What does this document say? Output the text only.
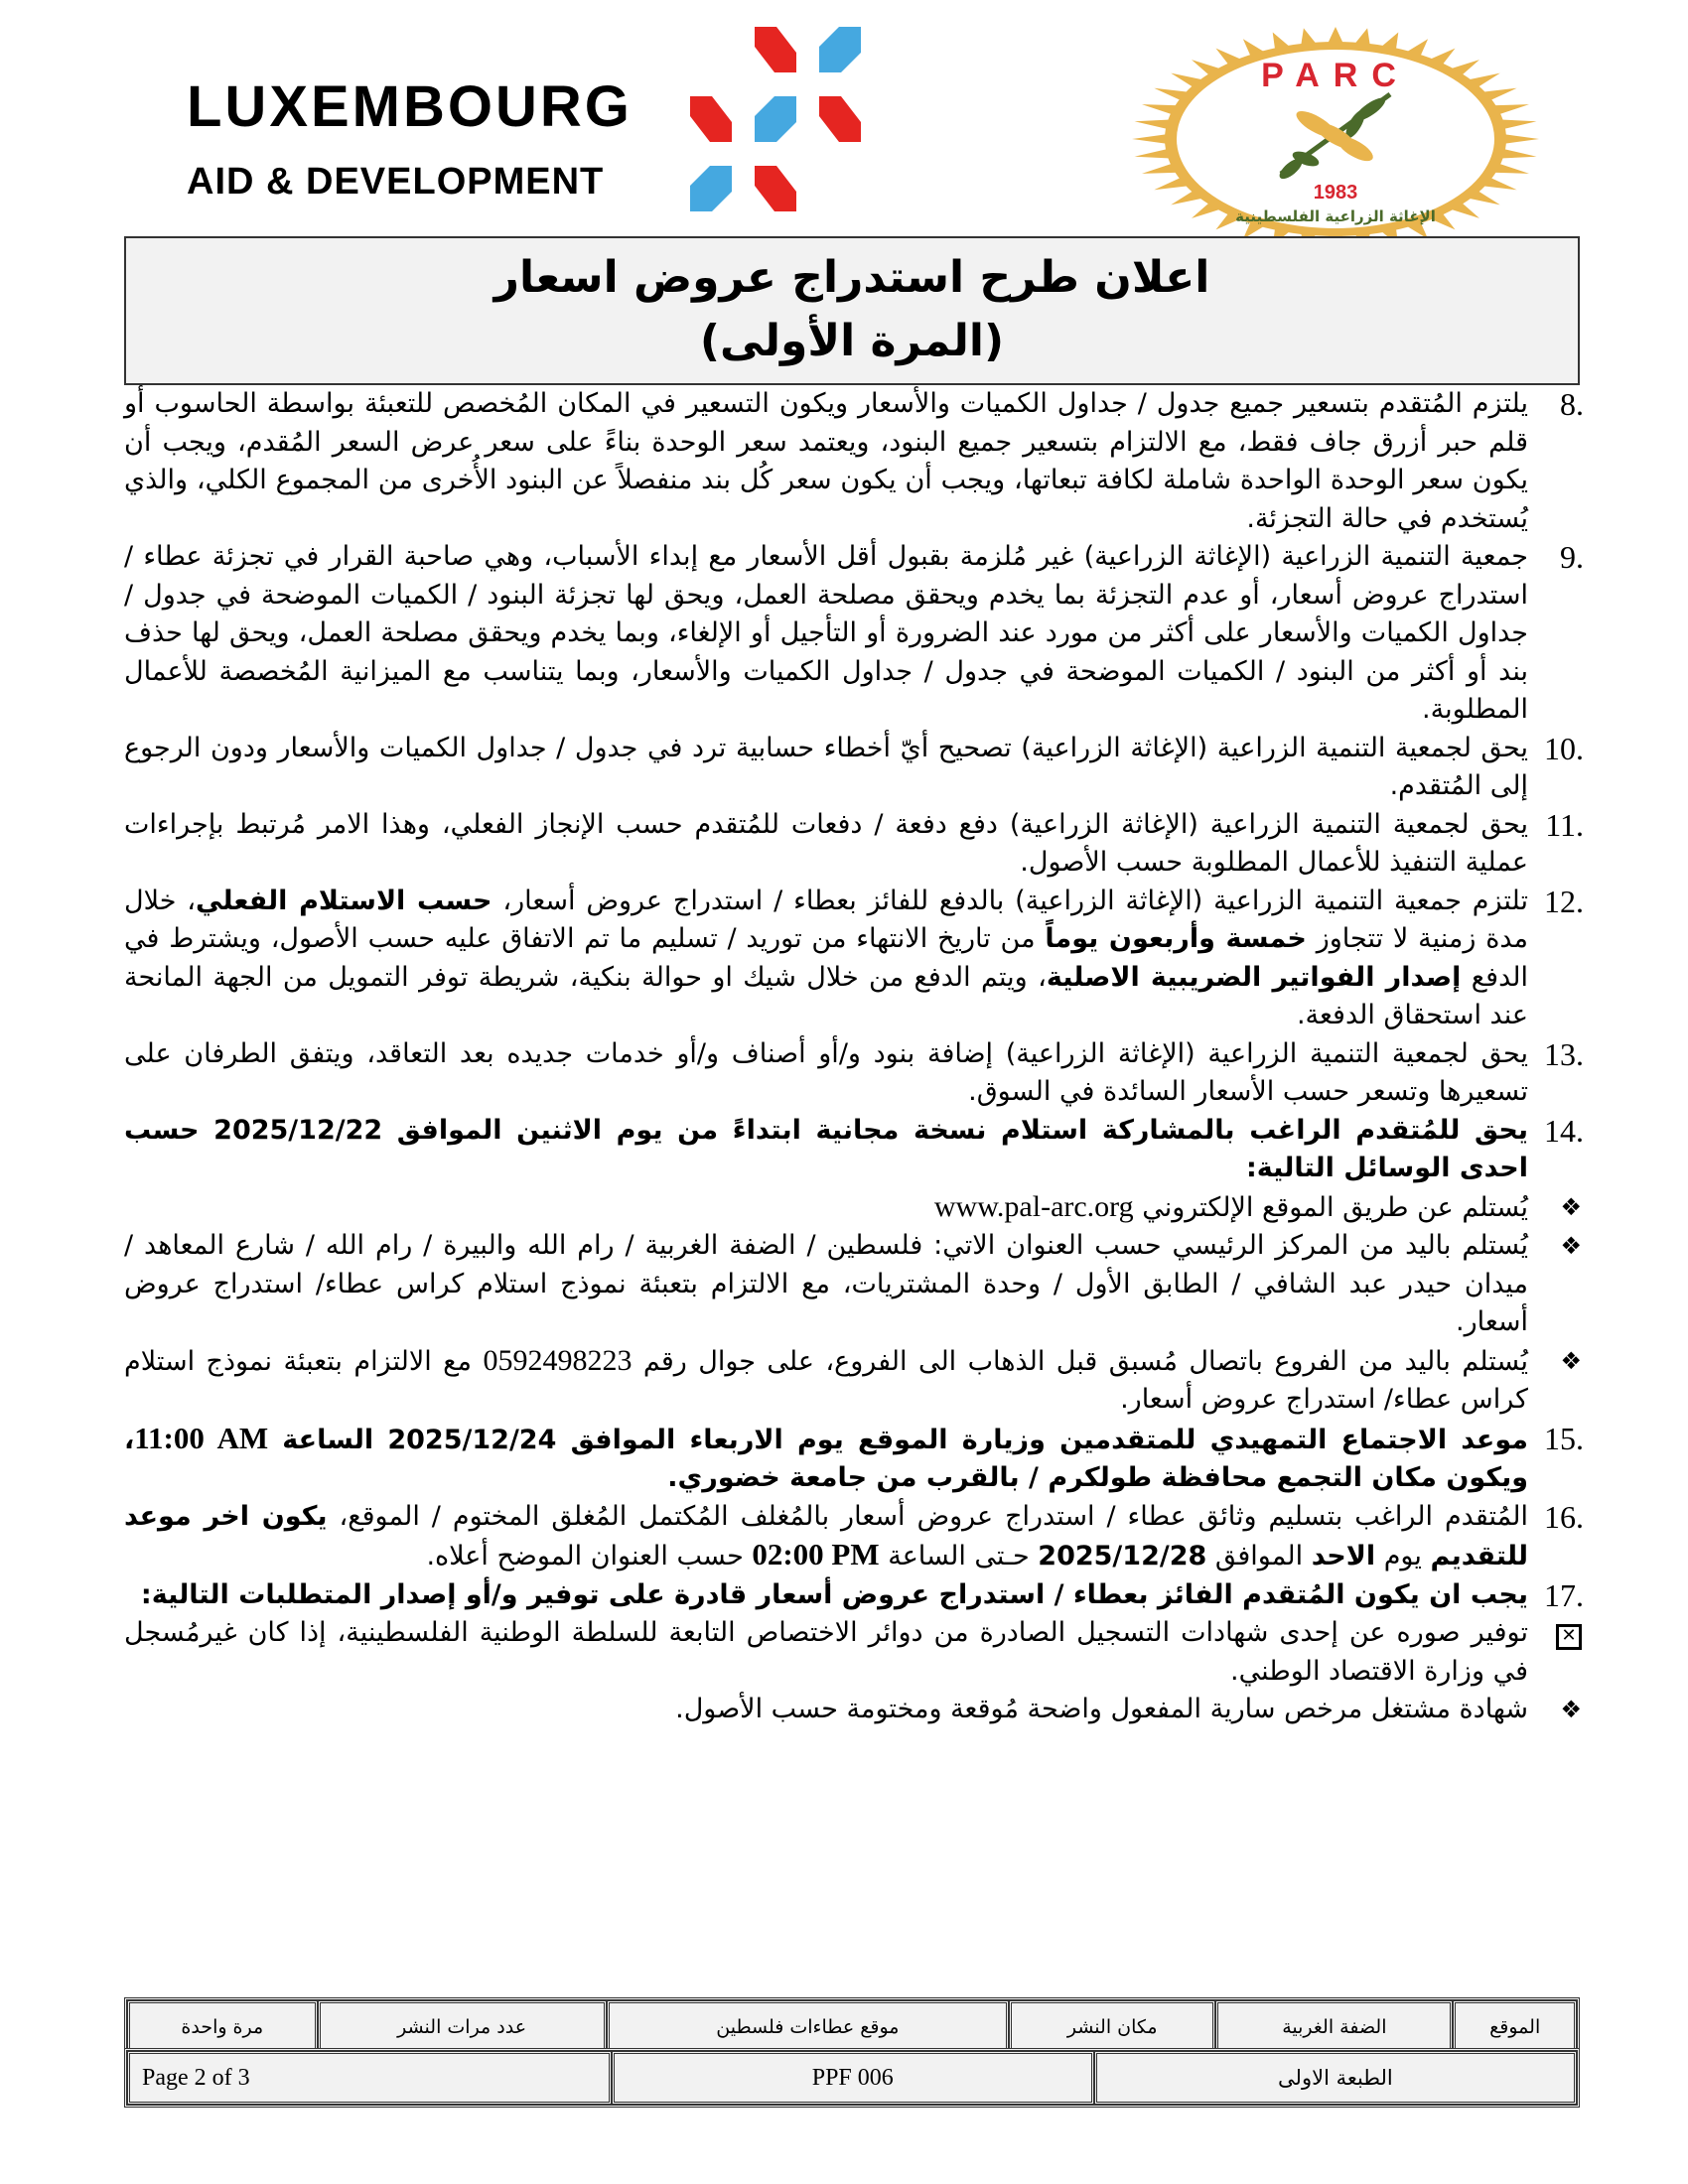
LUXEMBOURG
AID & DEVELOPMENT
PARC
1983
الإغاثة الزراعية الفلسطينية
اعلان طرح استدراج عروض اسعار
(المرة الأولى)
8.
يلتزم المُتقدم بتسعير جميع جدول / جداول الكميات والأسعار ويكون التسعير في المكان المُخصص للتعبئة بواسطة الحاسوب أو قلم حبر أزرق جاف فقط، مع الالتزام بتسعير جميع البنود، ويعتمد سعر الوحدة بناءً على سعر عرض السعر المُقدم، ويجب أن يكون سعر الوحدة الواحدة شاملة لكافة تبعاتها، ويجب أن يكون سعر كُل بند منفصلاً عن البنود الأُخرى من المجموع الكلي، والذي يُستخدم في حالة التجزئة.
9.
جمعية التنمية الزراعية (الإغاثة الزراعية) غير مُلزمة بقبول أقل الأسعار مع إبداء الأسباب، وهي صاحبة القرار في تجزئة عطاء / استدراج عروض أسعار، أو عدم التجزئة بما يخدم ويحقق مصلحة العمل، ويحق لها تجزئة البنود / الكميات الموضحة في جدول / جداول الكميات والأسعار على أكثر من مورد عند الضرورة أو التأجيل أو الإلغاء، وبما يخدم ويحقق مصلحة العمل، ويحق لها حذف بند أو أكثر من البنود / الكميات الموضحة في جدول / جداول الكميات والأسعار، وبما يتناسب مع الميزانية المُخصصة للأعمال المطلوبة.
10.
يحق لجمعية التنمية الزراعية (الإغاثة الزراعية) تصحيح أيّ أخطاء حسابية ترد في جدول / جداول الكميات والأسعار ودون الرجوع إلى المُتقدم.
11.
يحق لجمعية التنمية الزراعية (الإغاثة الزراعية) دفع دفعة / دفعات للمُتقدم حسب الإنجاز الفعلي، وهذا الامر مُرتبط بإجراءات عملية التنفيذ للأعمال المطلوبة حسب الأصول.
12.
تلتزم جمعية التنمية الزراعية (الإغاثة الزراعية) بالدفع للفائز بعطاء / استدراج عروض أسعار، حسب الاستلام الفعلي، خلال مدة زمنية لا تتجاوز خمسة وأربعون يوماً من تاريخ الانتهاء من توريد / تسليم ما تم الاتفاق عليه حسب الأصول، ويشترط في الدفع إصدار الفواتير الضريبية الاصلية، ويتم الدفع من خلال شيك او حوالة بنكية، شريطة توفر التمويل من الجهة المانحة عند استحقاق الدفعة.
13.
يحق لجمعية التنمية الزراعية (الإغاثة الزراعية) إضافة بنود و/أو أصناف و/أو خدمات جديده بعد التعاقد، ويتفق الطرفان على تسعيرها وتسعر حسب الأسعار السائدة في السوق.
14.
يحق للمُتقدم الراغب بالمشاركة استلام نسخة مجانية ابتداءً من يوم الاثنين الموافق 2025/12/22 حسب احدى الوسائل التالية:
❖
يُستلم عن طريق الموقع الإلكتروني www.pal-arc.org
❖
يُستلم باليد من المركز الرئيسي حسب العنوان الاتي: فلسطين / الضفة الغربية / رام الله والبيرة / رام الله / شارع المعاهد / ميدان حيدر عبد الشافي / الطابق الأول / وحدة المشتريات، مع الالتزام بتعبئة نموذج استلام كراس عطاء/ استدراج عروض أسعار.
❖
يُستلم باليد من الفروع باتصال مُسبق قبل الذهاب الى الفروع، على جوال رقم 0592498223 مع الالتزام بتعبئة نموذج استلام كراس عطاء/ استدراج عروض أسعار.
15.
موعد الاجتماع التمهيدي للمتقدمين وزيارة الموقع يوم الاربعاء الموافق 2025/12/24 الساعة 11:00 AM، ويكون مكان التجمع محافظة طولكرم / بالقرب من جامعة خضوري.
16.
المُتقدم الراغب بتسليم وثائق عطاء / استدراج عروض أسعار بالمُغلف المُكتمل المُغلق المختوم / الموقع، يكون اخر موعد للتقديم يوم الاحد الموافق 2025/12/28 حـتى الساعة 02:00 PM حسب العنوان الموضح أعلاه.
17.
يجب ان يكون المُتقدم الفائز بعطاء / استدراج عروض أسعار قادرة على توفير و/أو إصدار المتطلبات التالية:
✕
توفير صوره عن إحدى شهادات التسجيل الصادرة من دوائر الاختصاص التابعة للسلطة الوطنية الفلسطينية، إذا كان غيرمُسجل في وزارة الاقتصاد الوطني.
❖
شهادة مشتغل مرخص سارية المفعول واضحة مُوقعة ومختومة حسب الأصول.
الموقع	الضفة الغربية	مكان النشر	موقع عطاءات فلسطين	عدد مرات النشر	مرة واحدة
الطبعة الاولى	PPF 006	Page 2 of 3
